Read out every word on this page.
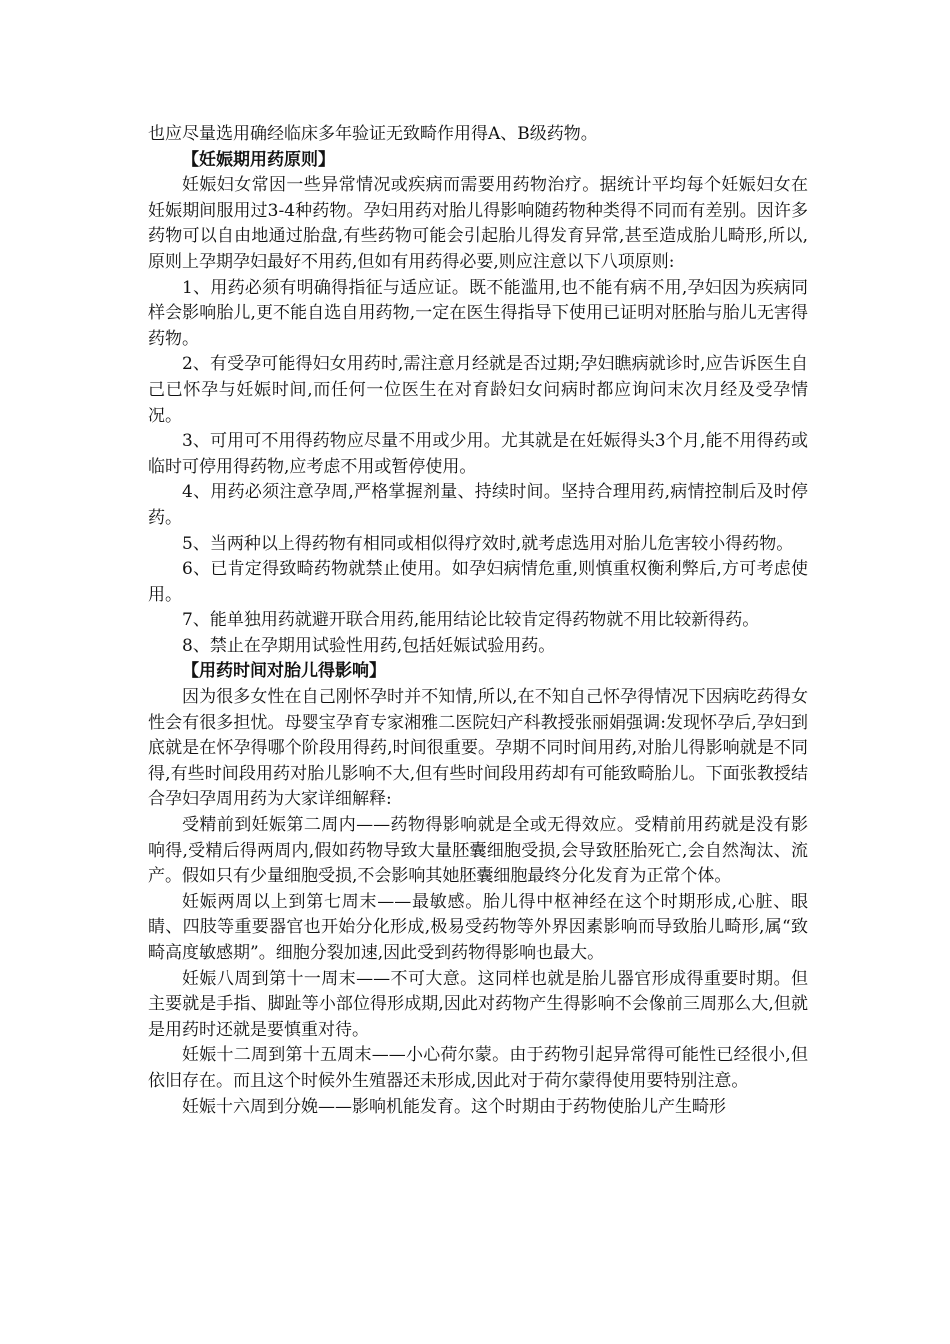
也应尽量选用确经临床多年验证无致畸作用得A、B级药物。

【妊娠期用药原则】

妊娠妇女常因一些异常情况或疾病而需要用药物治疗。据统计平均每个妊娠妇女在妊娠期间服用过3-4种药物。孕妇用药对胎儿得影响随药物种类得不同而有差别。因许多药物可以自由地通过胎盘,有些药物可能会引起胎儿得发育异常,甚至造成胎儿畸形,所以,原则上孕期孕妇最好不用药,但如有用药得必要,则应注意以下八项原则:

1、用药必须有明确得指征与适应证。既不能滥用,也不能有病不用,孕妇因为疾病同样会影响胎儿,更不能自选自用药物,一定在医生得指导下使用已证明对胚胎与胎儿无害得药物。

2、有受孕可能得妇女用药时,需注意月经就是否过期;孕妇瞧病就诊时,应告诉医生自己已怀孕与妊娠时间,而任何一位医生在对育龄妇女问病时都应询问末次月经及受孕情况。

3、可用可不用得药物应尽量不用或少用。尤其就是在妊娠得头3个月,能不用得药或临时可停用得药物,应考虑不用或暂停使用。

4、用药必须注意孕周,严格掌握剂量、持续时间。坚持合理用药,病情控制后及时停药。

5、当两种以上得药物有相同或相似得疗效时,就考虑选用对胎儿危害较小得药物。

6、已肯定得致畸药物就禁止使用。如孕妇病情危重,则慎重权衡利弊后,方可考虑使用。

7、能单独用药就避开联合用药,能用结论比较肯定得药物就不用比较新得药。

8、禁止在孕期用试验性用药,包括妊娠试验用药。

【用药时间对胎儿得影响】

因为很多女性在自己刚怀孕时并不知情,所以,在不知自己怀孕得情况下因病吃药得女性会有很多担忧。母婴宝孕育专家湘雅二医院妇产科教授张丽娟强调:发现怀孕后,孕妇到底就是在怀孕得哪个阶段用得药,时间很重要。孕期不同时间用药,对胎儿得影响就是不同得,有些时间段用药对胎儿影响不大,但有些时间段用药却有可能致畸胎儿。下面张教授结合孕妇孕周用药为大家详细解释:

受精前到妊娠第二周内——药物得影响就是全或无得效应。受精前用药就是没有影响得,受精后得两周内,假如药物导致大量胚囊细胞受损,会导致胚胎死亡,会自然淘汰、流产。假如只有少量细胞受损,不会影响其她胚囊细胞最终分化发育为正常个体。

妊娠两周以上到第七周末——最敏感。胎儿得中枢神经在这个时期形成,心脏、眼睛、四肢等重要器官也开始分化形成,极易受药物等外界因素影响而导致胎儿畸形,属“致畸高度敏感期”。细胞分裂加速,因此受到药物得影响也最大。

妊娠八周到第十一周末——不可大意。这同样也就是胎儿器官形成得重要时期。但主要就是手指、脚趾等小部位得形成期,因此对药物产生得影响不会像前三周那么大,但就是用药时还就是要慎重对待。

妊娠十二周到第十五周末——小心荷尔蒙。由于药物引起异常得可能性已经很小,但依旧存在。而且这个时候外生殖器还未形成,因此对于荷尔蒙得使用要特别注意。

妊娠十六周到分娩——影响机能发育。这个时期由于药物使胎儿产生畸形
